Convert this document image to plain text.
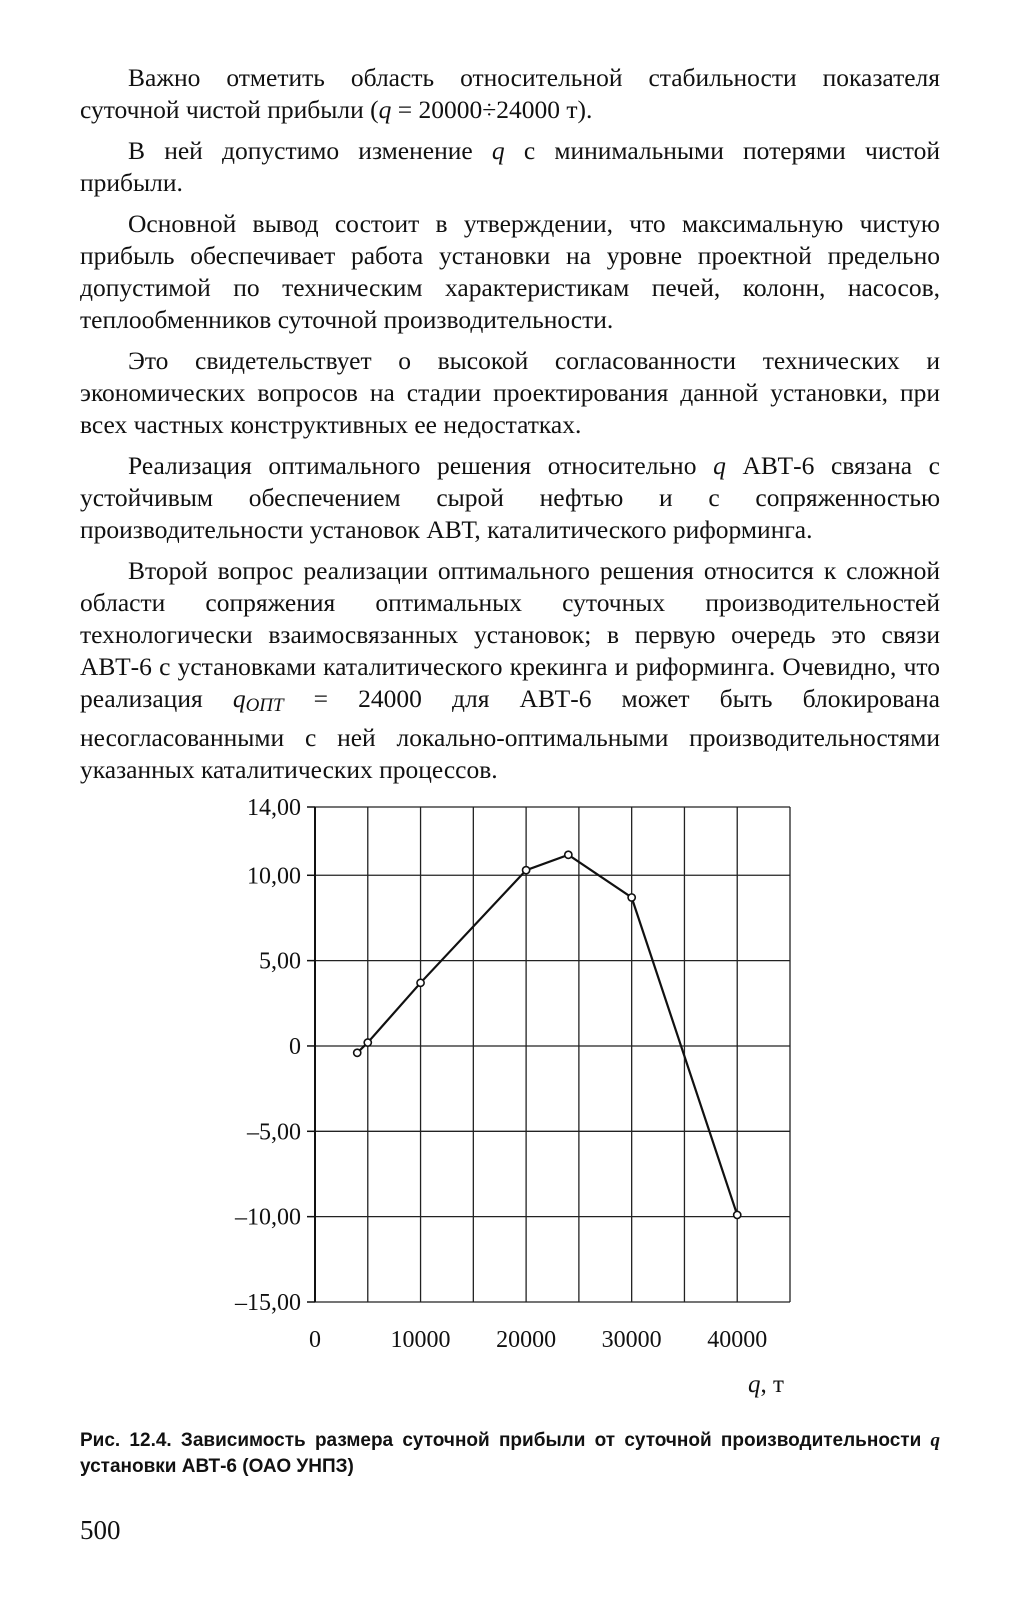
Важно отметить область относительной стабильности показателя суточной чистой прибыли (q = 20000÷24000 т).

В ней допустимо изменение q с минимальными потерями чистой прибыли.

Основной вывод состоит в утверждении, что максимальную чистую прибыль обеспечивает работа установки на уровне проектной предельно допустимой по техническим характеристикам печей, колонн, насосов, теплообменников суточной производительности.

Это свидетельствует о высокой согласованности технических и экономических вопросов на стадии проектирования данной установки, при всех частных конструктивных ее недостатках.

Реализация оптимального решения относительно q АВТ-6 связана с устойчивым обеспечением сырой нефтью и с сопряженностью производительности установок АВТ, каталитического риформинга.

Второй вопрос реализации оптимального решения относится к сложной области сопряжения оптимальных суточных производительностей технологически взаимосвязанных установок; в первую очередь это связи АВТ-6 с установками каталитического крекинга и риформинга. Очевидно, что реализация $q_{ОПТ} = 24000$ для АВТ-6 может быть блокирована несогласованными с ней локально-оптимальными производительностями указанных каталитических процессов.

14,00
10,00
5,00
0
–5,00
–10,00
–15,00
0	10000 20000 30000 40000
q, т
Рис. 12.4. Зависимость размера суточной прибыли от суточной производительности q установки АВТ-6 (ОАО УНПЗ)
500
